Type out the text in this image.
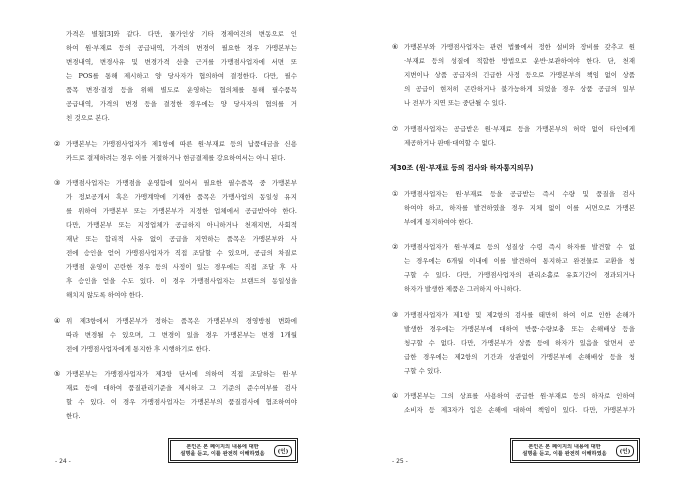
가격은 별첨[3]와 같다. 다만, 물가인상 기타 경제여건의 변동으로 인
하여 원·부재료 등의 공급내역, 가격의 변경이 필요한 경우 가맹본부는
변경내역, 변경사유 및 변경가격 산출 근거를 가맹점사업자에 서면 또
는 POS를 통해 제시하고 양 당사자가 협의하여 결정한다. 다만, 필수
품목 변경·결정 등을 위해 별도로 운영하는 협의체를 통해 필수품목
공급내역, 가격의 변경 등을 결정한 경우에는 양 당사자의 협의를 거
친 것으로 본다.
② 가맹본부는 가맹점사업자가 제1항에 따른 원·부재료 등의 납품대금을 신용
카드로 결제하려는 경우 이를 거절하거나 현금결제를 강요하여서는 아니 된다.
③ 가맹점사업자는 가맹점을 운영함에 있어서 필요한 필수품목 중 가맹본부
가 정보공개서 혹은 가맹계약에 기재한 품목은 가맹사업의 동일성 유지
를 위하여 가맹본부 또는 가맹본부가 지정한 업체에서 공급받아야 한다.
다만, 가맹본부 또는 지정업체가 공급하지 아니하거나 천재지변, 사회적
재난 또는 합리적 사유 없이 공급을 지연하는 품목은 가맹본부와 사
전에 승인을 얻어 가맹점사업자가 직접 조달할 수 있으며, 공급의 차질로
가맹점 운영이 곤란한 경우 등의 사정이 있는 경우에는 직접 조달 후 사
후 승인을 얻을 수도 있다. 이 경우 가맹점사업자는 브랜드의 동일성을
해치지 않도록 하여야 한다.
④ 위 제3항에서 가맹본부가 정하는 품목은 가맹본부의 경영방침 변화에
따라 변경될 수 있으며, 그 변경이 있을 경우 가맹본부는 변경 1개월
전에 가맹점사업자에게 통지한 후 시행하기로 한다.
⑤ 가맹본부는 가맹점사업자가 제3항 단서에 의하여 직접 조달하는 원·부
재료 등에 대하여 품질관리기준을 제시하고 그 기준의 준수여부를 검사
할 수 있다. 이 경우 가맹점사업자는 가맹본부의 품질검사에 협조하여야
한다.
본인은 본 페이지의 내용에 대한
설명을 듣고, 이를 완전히 이해하였음	(인)
- 24 -
⑥ 가맹본부와 가맹점사업자는 관련 법률에서 정한 설비와 장비를 갖추고 원
·부재료 등의 성질에 적합한 방법으로 운반·보관하여야 한다. 단, 천재
지변이나 상품 공급자의 긴급한 사정 등으로 가맹본부의 책임 없이 상품
의 공급이 현저히 곤란하거나 불가능하게 되었을 경우 상품 공급의 일부
나 전부가 지연 또는 중단될 수 있다.
⑦ 가맹점사업자는 공급받은 원·부재료 등을 가맹본부의 허락 없이 타인에게
제공하거나 판매·대여할 수 없다.
제30조 (원·부재료 등의 검사와 하자통지의무)
① 가맹점사업자는 원·부재료 등을 공급받는 즉시 수량 및 품질을 검사
하여야 하고, 하자를 발견하였을 경우 지체 없이 이를 서면으로 가맹본
부에게 통지하여야 한다.
② 가맹점사업자가 원·부재료 등의 성질상 수령 즉시 하자를 발견할 수 없
는 경우에는 6개월 이내에 이를 발견하여 통지하고 완전물로 교환을 청
구할 수 있다. 다만, 가맹점사업자의 관리소홀로 유효기간이 경과되거나
하자가 발생한 제품은 그러하지 아니하다.
③ 가맹점사업자가 제1항 및 제2항의 검사를 태만히 하여 이로 인한 손해가
발생한 경우에는 가맹본부에 대하여 반품·수량보충 또는 손해배상 등을
청구할 수 없다. 다만, 가맹본부가 상품 등에 하자가 있음을 알면서 공
급한 경우에는 제2항의 기간과 상관없이 가맹본부에 손해배상 등을 청
구할 수 있다.
④ 가맹본부는 그의 상표를 사용하여 공급한 원·부재료 등의 하자로 인하여
소비자 등 제3자가 입은 손해에 대하여 책임이 있다. 다만, 가맹본부가
본인은 본 페이지의 내용에 대한
설명을 듣고, 이를 완전히 이해하였음	(인)
- 25 -
